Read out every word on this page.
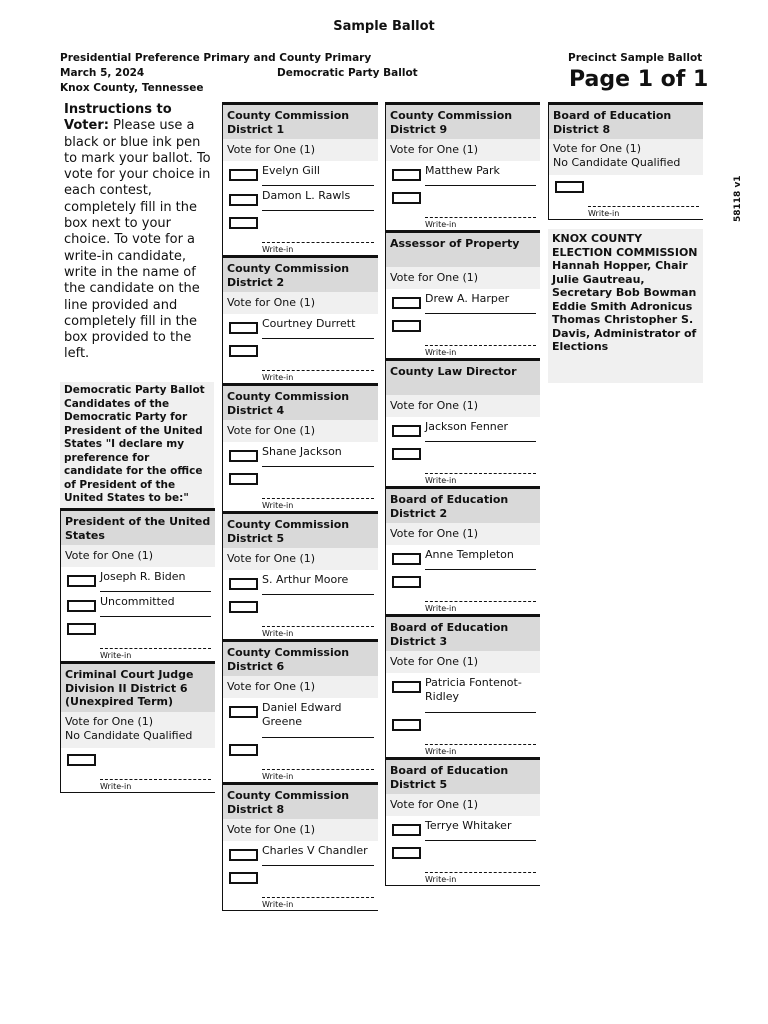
Sample Ballot
Presidential Preference Primary and County Primary
March 5, 2024	Democratic Party Ballot
Knox County, Tennessee
Precinct Sample Ballot
Page 1 of 1
58118 v1
Instructions to Voter: Please use a black or blue ink pen to mark your ballot. To vote for your choice in each contest, completely fill in the box next to your choice. To vote for a write-in candidate, write in the name of the candidate on the line provided and completely fill in the box provided to the left.
Democratic Party Ballot Candidates of the Democratic Party for President of the United States "I declare my preference for candidate for the office of President of the United States to be:"
President of the United States
Vote for One (1)
Joseph R. Biden
Uncommitted
Write-in
Criminal Court Judge Division II District 6 (Unexpired Term)
Vote for One (1)
No Candidate Qualified
Write-in
County Commission District 1
Vote for One (1)
Evelyn Gill
Damon L. Rawls
Write-in
County Commission District 2
Vote for One (1)
Courtney Durrett
Write-in
County Commission District 4
Vote for One (1)
Shane Jackson
Write-in
County Commission District 5
Vote for One (1)
S. Arthur Moore
Write-in
County Commission District 6
Vote for One (1)
Daniel Edward Greene
Write-in
County Commission District 8
Vote for One (1)
Charles V Chandler
Write-in
County Commission District 9
Vote for One (1)
Matthew Park
Write-in
Assessor of Property
Vote for One (1)
Drew A. Harper
Write-in
County Law Director
Vote for One (1)
Jackson Fenner
Write-in
Board of Education District 2
Vote for One (1)
Anne Templeton
Write-in
Board of Education District 3
Vote for One (1)
Patricia Fontenot-Ridley
Write-in
Board of Education District 5
Vote for One (1)
Terrye Whitaker
Write-in
Board of Education District 8
Vote for One (1)
No Candidate Qualified
Write-in
KNOX COUNTY ELECTION COMMISSION Hannah Hopper, Chair Julie Gautreau, Secretary Bob Bowman Eddie Smith Adronicus Thomas Christopher S. Davis, Administrator of Elections
